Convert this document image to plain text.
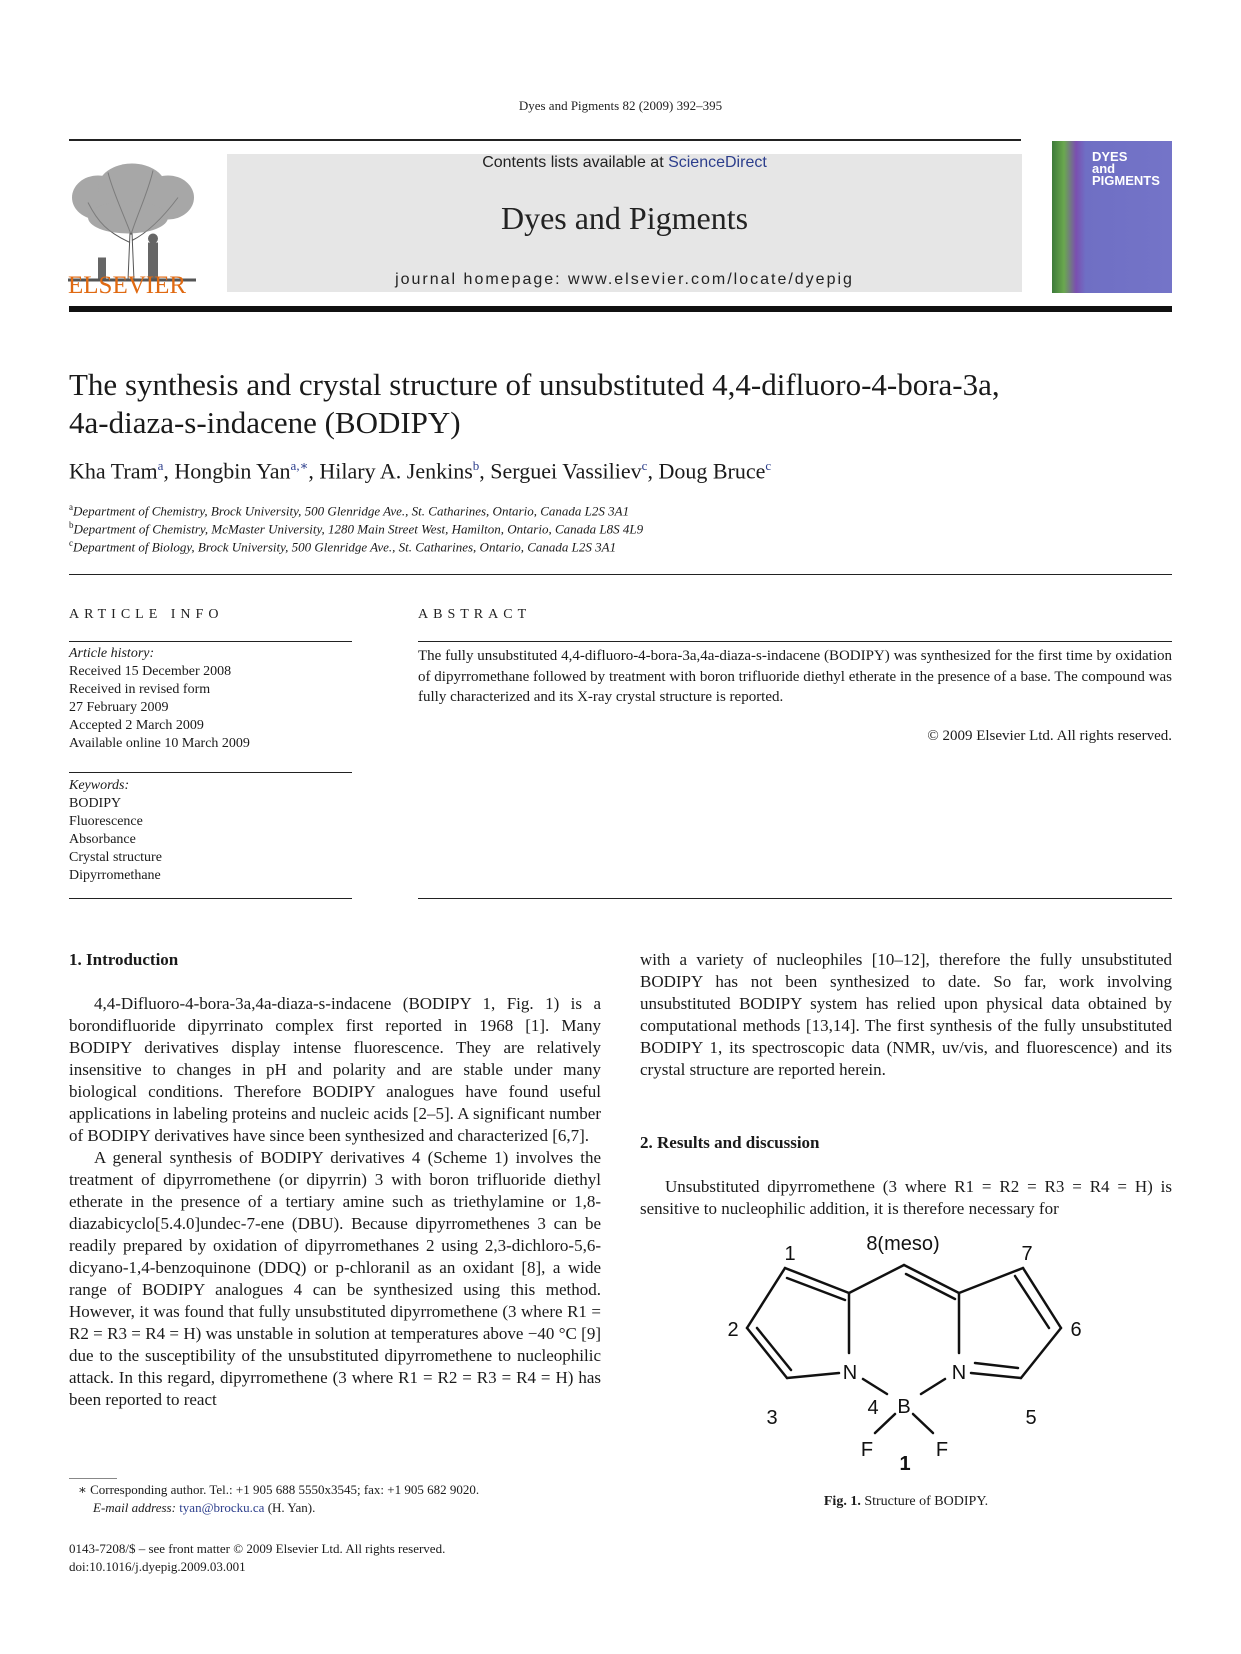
Dyes and Pigments 82 (2009) 392–395
ELSEVIER
Contents lists available at ScienceDirect
Dyes and Pigments
journal homepage: www.elsevier.com/locate/dyepig
DYES and PIGMENTS
The synthesis and crystal structure of unsubstituted 4,4-difluoro-4-bora-3a,
4a-diaza-s-indacene (BODIPY)
Kha Tram$^a$, Hongbin Yan$^{a,∗}$, Hilary A. Jenkins$^b$, Serguei Vassiliev$^c$, Doug Bruce$^c$
$^a$Department of Chemistry, Brock University, 500 Glenridge Ave., St. Catharines, Ontario, Canada L2S 3A1
$^b$Department of Chemistry, McMaster University, 1280 Main Street West, Hamilton, Ontario, Canada L8S 4L9
$^c$Department of Biology, Brock University, 500 Glenridge Ave., St. Catharines, Ontario, Canada L2S 3A1
ARTICLE INFO
Article history:
Received 15 December 2008
Received in revised form
27 February 2009
Accepted 2 March 2009
Available online 10 March 2009
Keywords:
BODIPY
Fluorescence
Absorbance
Crystal structure
Dipyrromethane
ABSTRACT
The fully unsubstituted 4,4-difluoro-4-bora-3a,4a-diaza-s-indacene (BODIPY) was synthesized for the first time by oxidation of dipyrromethane followed by treatment with boron trifluoride diethyl etherate in the presence of a base. The compound was fully characterized and its X-ray crystal structure is reported.
© 2009 Elsevier Ltd. All rights reserved.
1. Introduction

4,4-Difluoro-4-bora-3a,4a-diaza-s-indacene (BODIPY 1, Fig. 1) is a borondifluoride dipyrrinato complex first reported in 1968 [1]. Many BODIPY derivatives display intense fluorescence. They are relatively insensitive to changes in pH and polarity and are stable under many biological conditions. Therefore BODIPY analogues have found useful applications in labeling proteins and nucleic acids [2–5]. A significant number of BODIPY derivatives have since been synthesized and characterized [6,7].

A general synthesis of BODIPY derivatives 4 (Scheme 1) involves the treatment of dipyrromethene (or dipyrrin) 3 with boron trifluoride diethyl etherate in the presence of a tertiary amine such as triethylamine or 1,8-diazabicyclo[5.4.0]undec-7-ene (DBU). Because dipyrromethenes 3 can be readily prepared by oxidation of dipyrromethanes 2 using 2,3-dichloro-5,6-dicyano-1,4-benzoquinone (DDQ) or p-chloranil as an oxidant [8], a wide range of BODIPY analogues 4 can be synthesized using this method. However, it was found that fully unsubstituted dipyrromethene (3 where R1 = R2 = R3 = R4 = H) was unstable in solution at temperatures above −40 °C [9] due to the susceptibility of the unsubstituted dipyrromethene to nucleophilic attack. In this regard, dipyrromethene (3 where R1 = R2 = R3 = R4 = H) has been reported to react

∗ Corresponding author. Tel.: +1 905 688 5550x3545; fax: +1 905 682 9020.
E-mail address: tyan@brocku.ca (H. Yan).
0143-7208/$ – see front matter © 2009 Elsevier Ltd. All rights reserved.
doi:10.1016/j.dyepig.2009.03.001

with a variety of nucleophiles [10–12], therefore the fully unsubstituted BODIPY has not been synthesized to date. So far, work involving unsubstituted BODIPY system has relied upon physical data obtained by computational methods [13,14]. The first synthesis of the fully unsubstituted BODIPY 1, its spectroscopic data (NMR, uv/vis, and fluorescence) and its crystal structure are reported herein.

2. Results and discussion

Unsubstituted dipyrromethene (3 where R1 = R2 = R3 = R4 = H) is sensitive to nucleophilic addition, it is therefore necessary for

N	N
B
F	F
1
2
3	4	5
6
7
8(meso)
1
Fig. 1. Structure of BODIPY.
